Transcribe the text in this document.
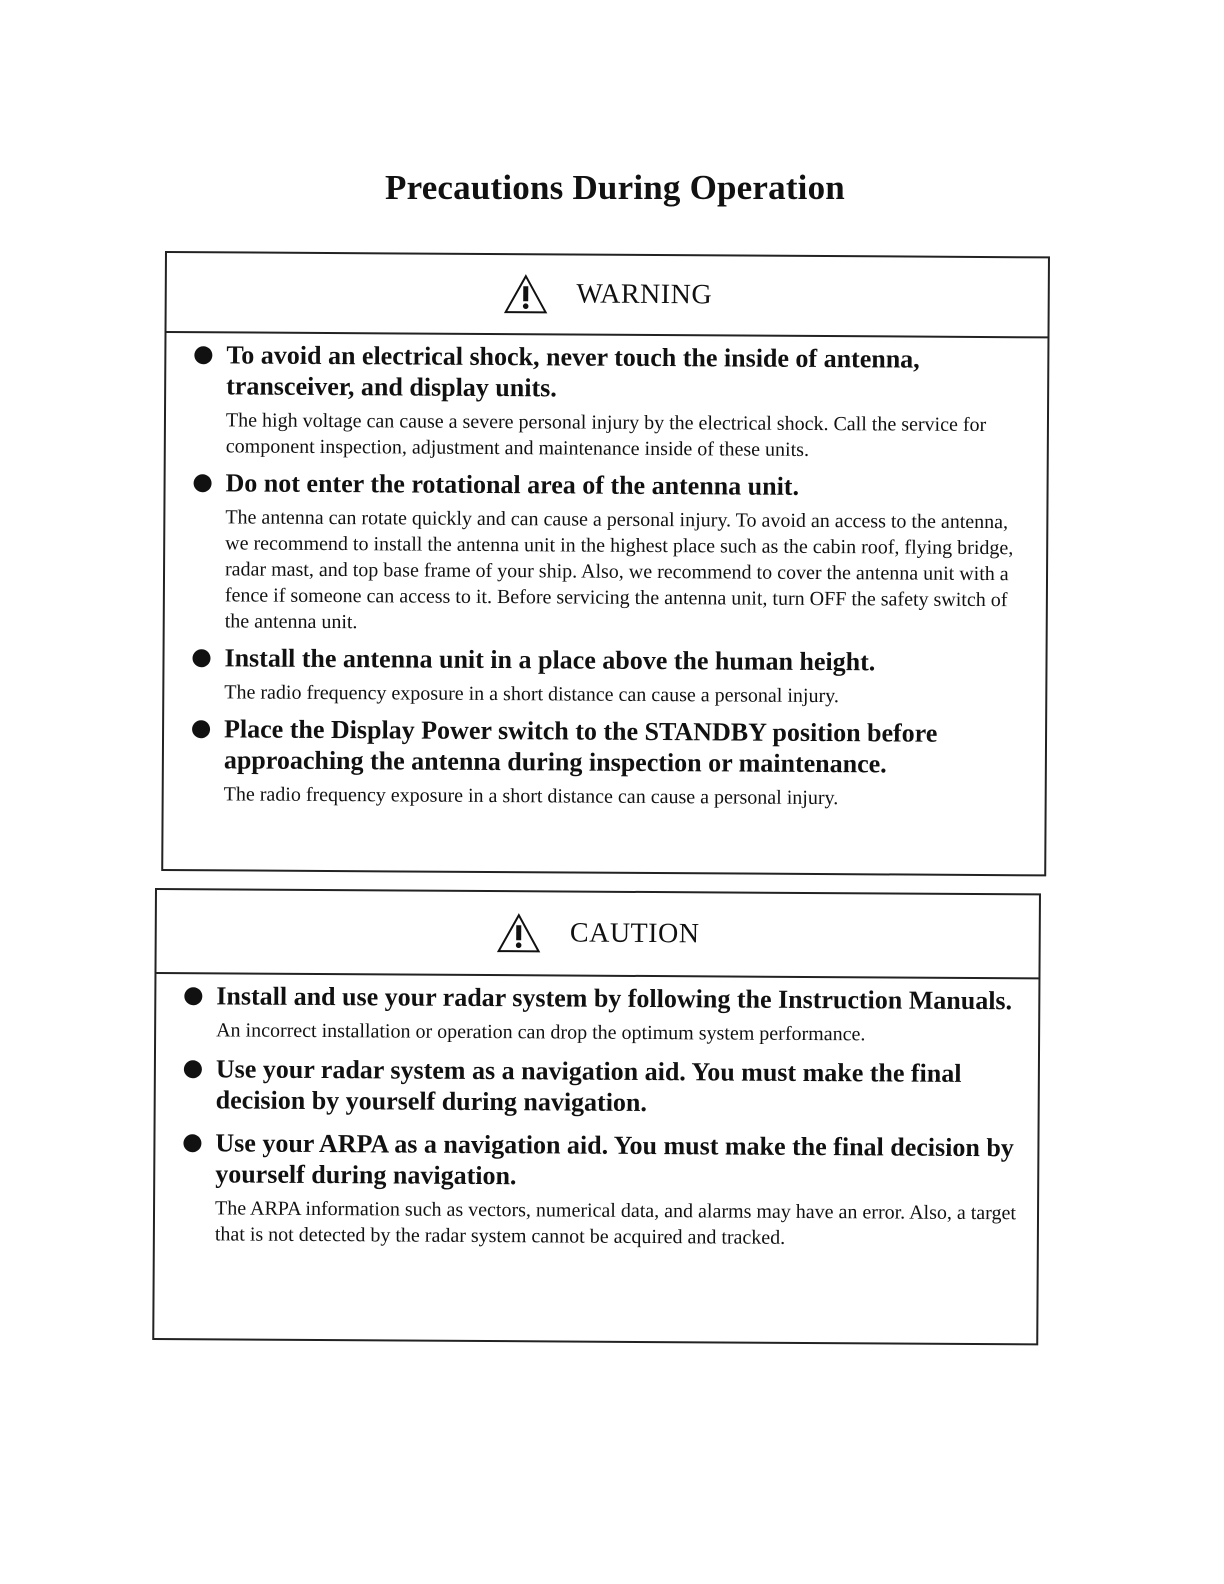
Precautions During Operation
WARNING
To avoid an electrical shock, never touch the inside of antenna, transceiver, and display units.
The high voltage can cause a severe personal injury by the electrical shock. Call the service for component inspection, adjustment and maintenance inside of these units.
Do not enter the rotational area of the antenna unit.
The antenna can rotate quickly and can cause a personal injury. To avoid an access to the antenna, we recommend to install the antenna unit in the highest place such as the cabin roof, flying bridge, radar mast, and top base frame of your ship. Also, we recommend to cover the antenna unit with a fence if someone can access to it. Before servicing the antenna unit, turn OFF the safety switch of the antenna unit.
Install the antenna unit in a place above the human height.
The radio frequency exposure in a short distance can cause a personal injury.
Place the Display Power switch to the STANDBY position before approaching the antenna during inspection or maintenance.
The radio frequency exposure in a short distance can cause a personal injury.
CAUTION
Install and use your radar system by following the Instruction Manuals.
An incorrect installation or operation can drop the optimum system performance.
Use your radar system as a navigation aid. You must make the final decision by yourself during navigation.
Use your ARPA as a navigation aid. You must make the final decision by yourself during navigation.
The ARPA information such as vectors, numerical data, and alarms may have an error. Also, a target that is not detected by the radar system cannot be acquired and tracked.
